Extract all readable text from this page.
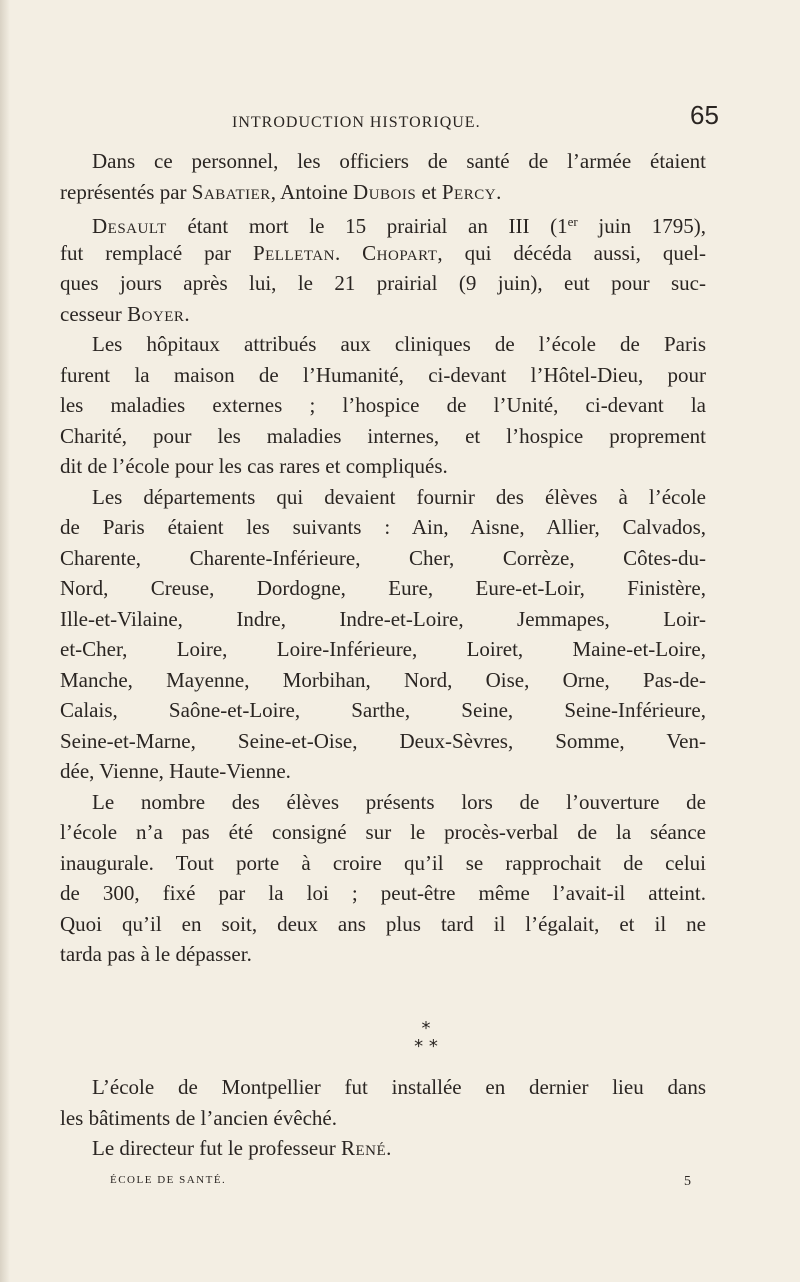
INTRODUCTION HISTORIQUE.	65
Dans ce personnel, les officiers de santé de l’armée étaient
représentés par Sabatier, Antoine Dubois et Percy.
Desault étant mort le 15 prairial an III (1er juin 1795),
fut remplacé par Pelletan. Chopart, qui décéda aussi, quel-
ques jours après lui, le 21 prairial (9 juin), eut pour suc-
cesseur Boyer.
Les hôpitaux attribués aux cliniques de l’école de Paris
furent la maison de l’Humanité, ci-devant l’Hôtel-Dieu, pour
les maladies externes ; l’hospice de l’Unité, ci-devant la
Charité, pour les maladies internes, et l’hospice proprement
dit de l’école pour les cas rares et compliqués.
Les départements qui devaient fournir des élèves à l’école
de Paris étaient les suivants : Ain, Aisne, Allier, Calvados,
Charente, Charente-Inférieure, Cher, Corrèze, Côtes-du-
Nord, Creuse, Dordogne, Eure, Eure-et-Loir, Finistère,
Ille-et-Vilaine, Indre, Indre-et-Loire, Jemmapes, Loir-
et-Cher, Loire, Loire-Inférieure, Loiret, Maine-et-Loire,
Manche, Mayenne, Morbihan, Nord, Oise, Orne, Pas-de-
Calais, Saône-et-Loire, Sarthe, Seine, Seine-Inférieure,
Seine-et-Marne, Seine-et-Oise, Deux-Sèvres, Somme, Ven-
dée, Vienne, Haute-Vienne.
Le nombre des élèves présents lors de l’ouverture de
l’école n’a pas été consigné sur le procès-verbal de la séance
inaugurale. Tout porte à croire qu’il se rapprochait de celui
de 300, fixé par la loi ; peut-être même l’avait-il atteint.
Quoi qu’il en soit, deux ans plus tard il l’égalait, et il ne
tarda pas à le dépasser.
*
* *
L’école de Montpellier fut installée en dernier lieu dans
les bâtiments de l’ancien évêché.
Le directeur fut le professeur René.
ÉCOLE DE SANTÉ.	5
